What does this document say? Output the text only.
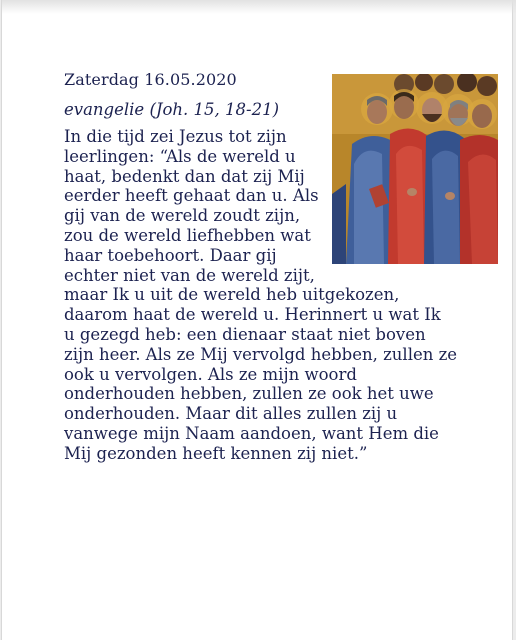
Zaterdag 16.05.2020
evangelie (Joh. 15, 18-21)

In die tijd zei Jezus tot zijn
leerlingen: “Als de wereld u
haat, bedenkt dan dat zij Mij
eerder heeft gehaat dan u. Als
gij van de wereld zoudt zijn,
zou de wereld liefhebben wat
haar toebehoort. Daar gij
echter niet van de wereld zijt,
maar Ik u uit de wereld heb uitgekozen,
daarom haat de wereld u. Herinnert u wat Ik
u gezegd heb: een dienaar staat niet boven
zijn heer. Als ze Mij vervolgd hebben, zullen ze
ook u vervolgen. Als ze mijn woord
onderhouden hebben, zullen ze ook het uwe
onderhouden. Maar dit alles zullen zij u
vanwege mijn Naam aandoen, want Hem die
Mij gezonden heeft kennen zij niet.”
